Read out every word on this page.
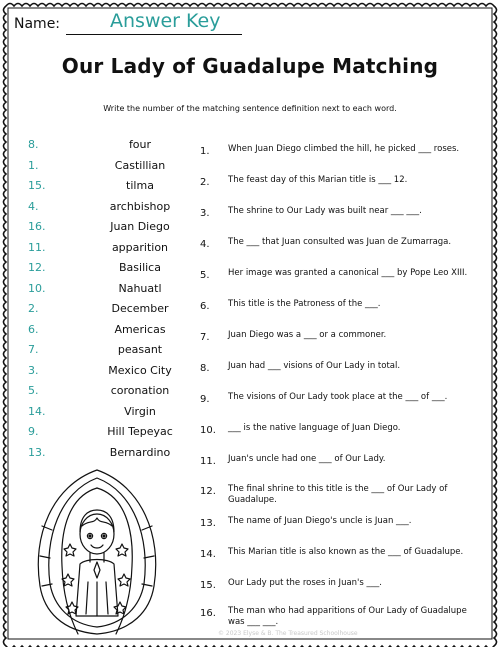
Name:	Answer Key
Our Lady of Guadalupe Matching
Write the number of the matching sentence definition next to each word.
8.	four
1.	Castillian
15.	tilma
4.	archbishop
16.	Juan Diego
11.	apparition
12.	Basilica
10.	Nahuatl
2.	December
6.	Americas
7.	peasant
3.	Mexico City
5.	coronation
14.	Virgin
9.	Hill Tepeyac
13.	Bernardino
1.	When Juan Diego climbed the hill, he picked ___ roses.
2.	The feast day of this Marian title is ___ 12.
3.	The shrine to Our Lady was built near ___ ___.
4.	The ___ that Juan consulted was Juan de Zumarraga.
5.	Her image was granted a canonical ___ by Pope Leo XIII.
6.	This title is the Patroness of the ___.
7.	Juan Diego was a ___ or a commoner.
8.	Juan had ___ visions of Our Lady in total.
9.	The visions of Our Lady took place at the ___ of ___.
10.	___ is the native language of Juan Diego.
11.	Juan's uncle had one ___ of Our Lady.
12.	The final shrine to this title is the ___ of Our Lady of Guadalupe.
13.	The name of Juan Diego's uncle is Juan ___.
14.	This Marian title is also known as the ___ of Guadalupe.
15.	Our Lady put the roses in Juan's ___.
16.	The man who had apparitions of Our Lady of Guadalupe was ___ ___.
© 2023 Elyse & B. The Treasured Schoolhouse
